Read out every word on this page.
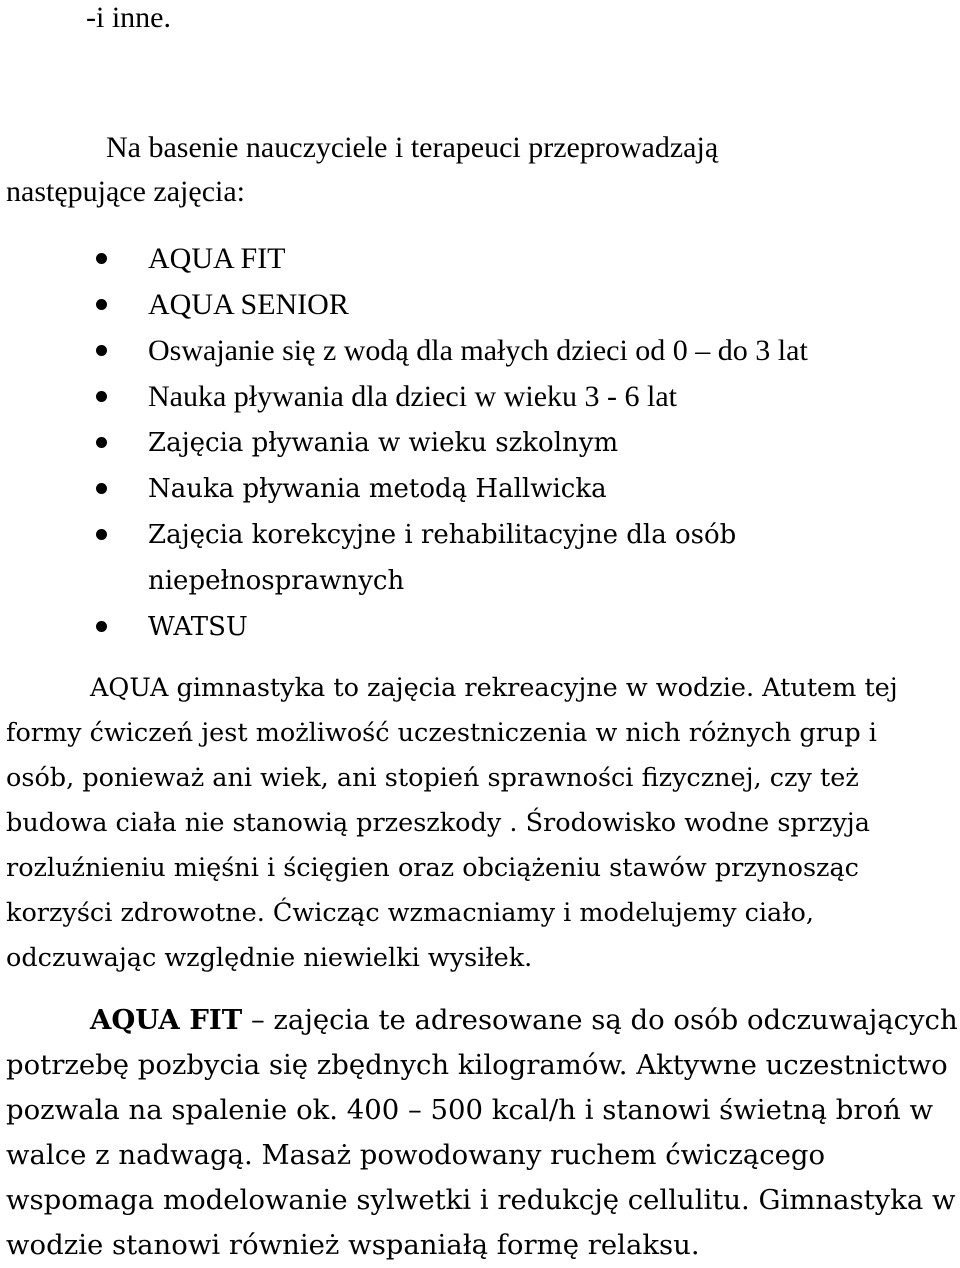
-i inne.
Na basenie nauczyciele i terapeuci przeprowadzają
następujące zajęcia:
AQUA FIT
AQUA SENIOR
Oswajanie się z wodą dla małych dzieci od 0 – do 3 lat
Nauka pływania dla dzieci w wieku 3 - 6 lat
Zajęcia pływania w wieku szkolnym
Nauka pływania metodą Hallwicka
Zajęcia korekcyjne i rehabilitacyjne dla osób
niepełnosprawnych
WATSU
AQUA gimnastyka to zajęcia rekreacyjne w wodzie. Atutem tej
formy ćwiczeń jest możliwość uczestniczenia w nich różnych grup i
osób, ponieważ ani wiek, ani stopień sprawności fizycznej, czy też
budowa ciała nie stanowią przeszkody . Środowisko wodne sprzyja
rozluźnieniu mięśni i ścięgien oraz obciążeniu stawów przynosząc
korzyści zdrowotne. Ćwicząc wzmacniamy i modelujemy ciało,
odczuwając względnie niewielki wysiłek.
AQUA FIT – zajęcia te adresowane są do osób odczuwających
potrzebę pozbycia się zbędnych kilogramów. Aktywne uczestnictwo
pozwala na spalenie ok. 400 – 500 kcal/h i stanowi świetną broń w
walce z nadwagą. Masaż powodowany ruchem ćwiczącego
wspomaga modelowanie sylwetki i redukcję cellulitu. Gimnastyka w
wodzie stanowi również wspaniałą formę relaksu.
